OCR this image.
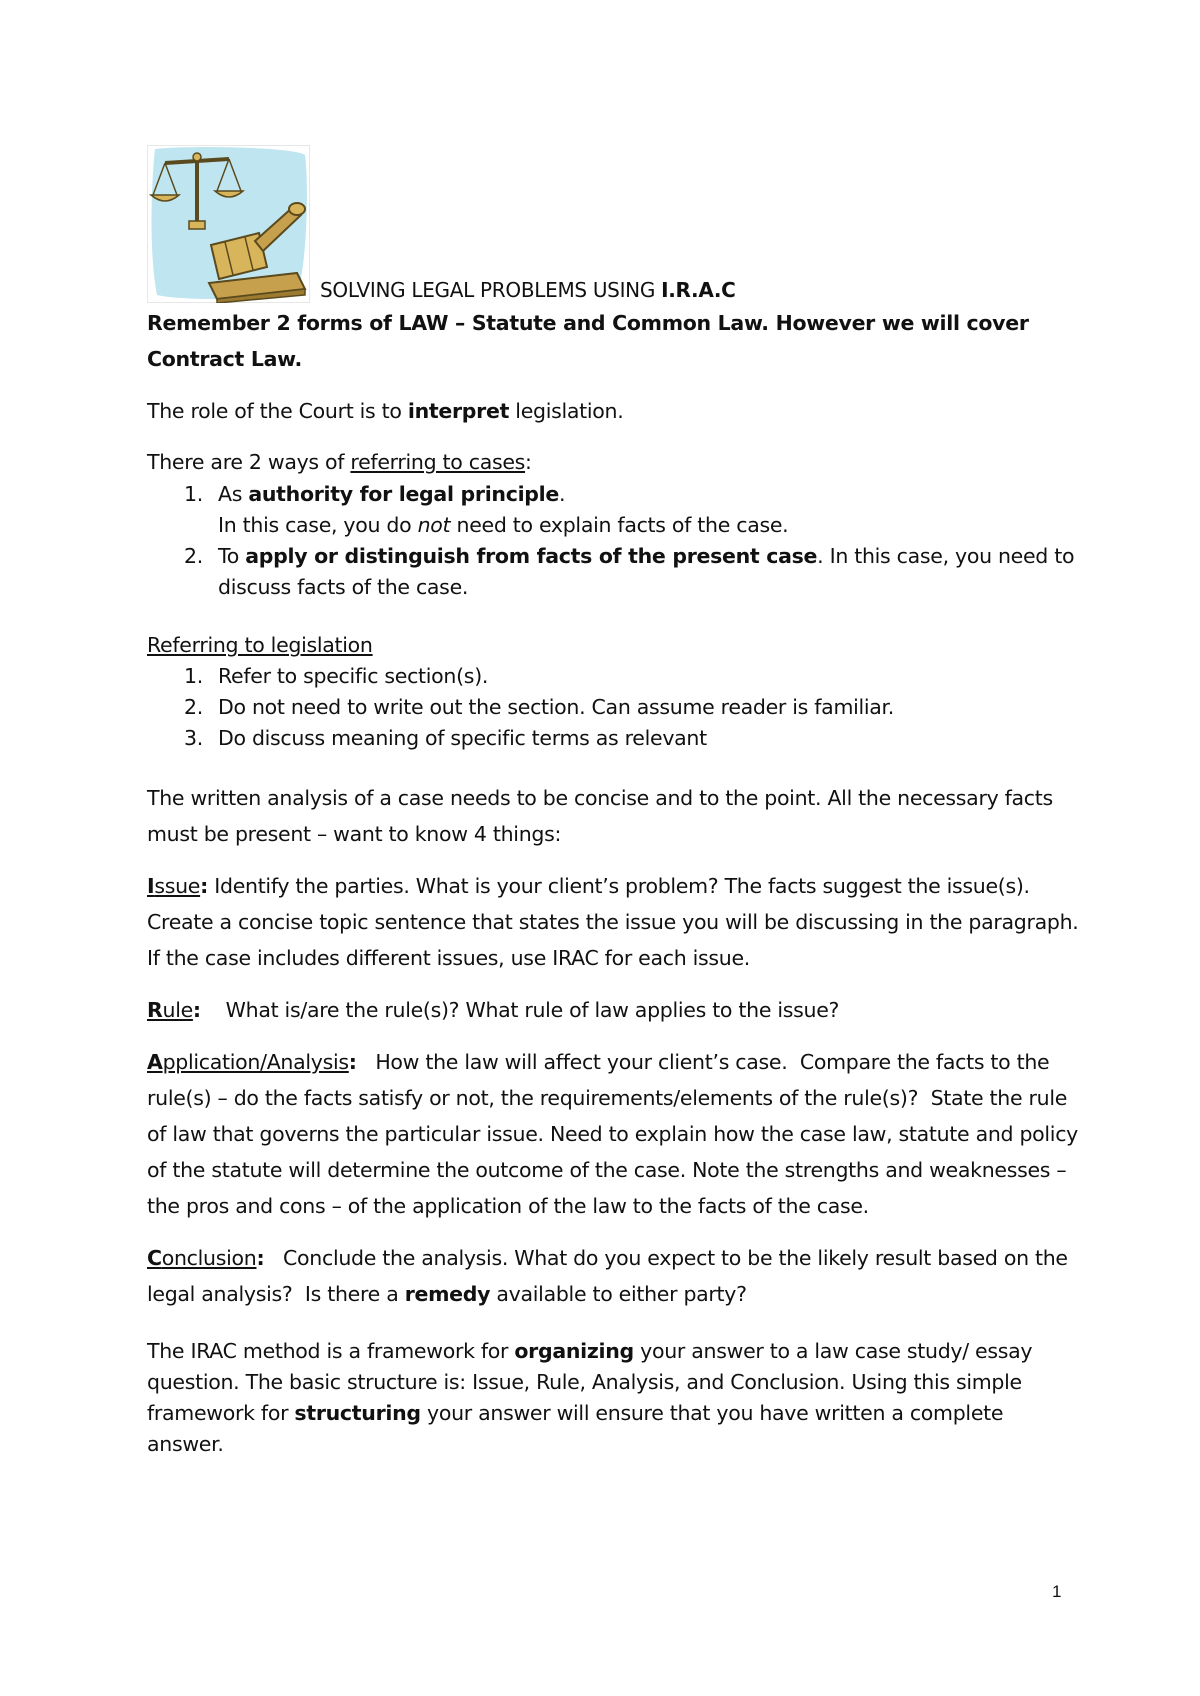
SOLVING LEGAL PROBLEMS USING I.R.A.C

Remember 2 forms of LAW – Statute and Common Law. However we will cover Contract Law.

The role of the Court is to interpret legislation.

There are 2 ways of referring to cases:

1. As authority for legal principle.
In this case, you do not need to explain facts of the case.
2. To apply or distinguish from facts of the present case. In this case, you need to discuss facts of the case.

Referring to legislation

1. Refer to specific section(s).
2. Do not need to write out the section. Can assume reader is familiar.
3. Do discuss meaning of specific terms as relevant

The written analysis of a case needs to be concise and to the point. All the necessary facts must be present – want to know 4 things:

Issue: Identify the parties. What is your client’s problem? The facts suggest the issue(s). Create a concise topic sentence that states the issue you will be discussing in the paragraph. If the case includes different issues, use IRAC for each issue.

Rule:    What is/are the rule(s)? What rule of law applies to the issue?

Application/Analysis:   How the law will affect your client’s case.  Compare the facts to the rule(s) – do the facts satisfy or not, the requirements/elements of the rule(s)?  State the rule of law that governs the particular issue. Need to explain how the case law, statute and policy of the statute will determine the outcome of the case. Note the strengths and weaknesses – the pros and cons – of the application of the law to the facts of the case.

Conclusion:   Conclude the analysis. What do you expect to be the likely result based on the legal analysis?  Is there a remedy available to either party?

The IRAC method is a framework for organizing your answer to a law case study/ essay question. The basic structure is: Issue, Rule, Analysis, and Conclusion. Using this simple framework for structuring your answer will ensure that you have written a complete answer.

1
